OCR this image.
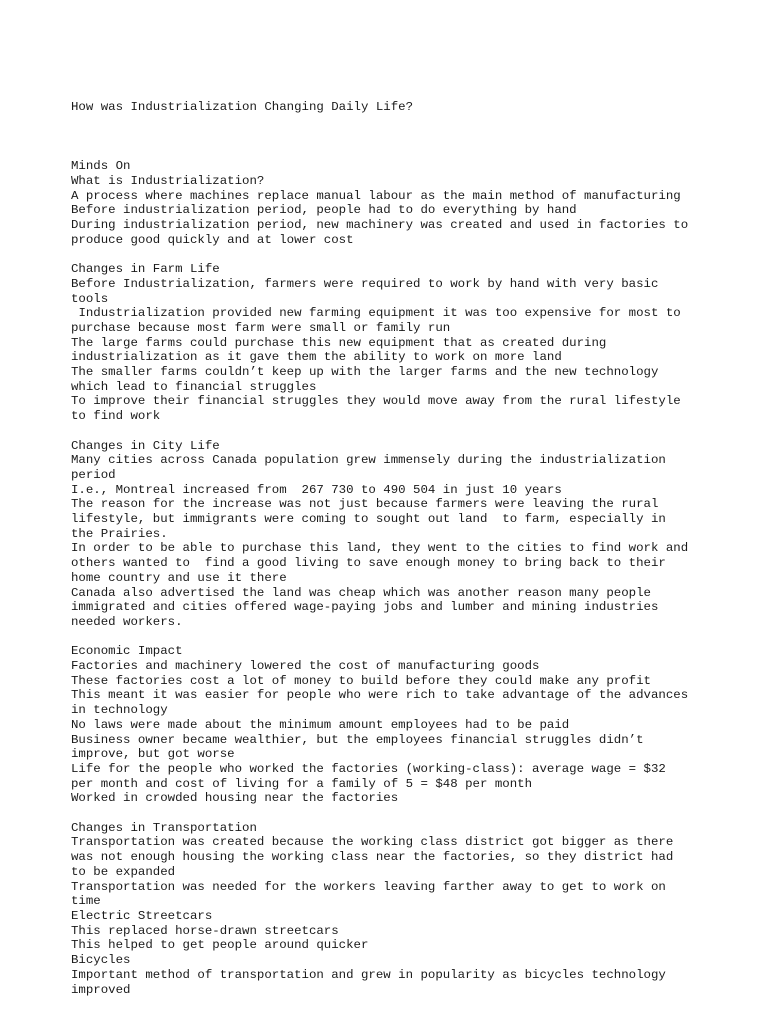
How was Industrialization Changing Daily Life?

Minds On
What is Industrialization?
A process where machines replace manual labour as the main method of manufacturing
Before industrialization period, people had to do everything by hand
During industrialization period, new machinery was created and used in factories to
produce good quickly and at lower cost
Changes in Farm Life
Before Industrialization, farmers were required to work by hand with very basic
tools
Industrialization provided new farming equipment it was too expensive for most to
purchase because most farm were small or family run
The large farms could purchase this new equipment that as created during
industrialization as it gave them the ability to work on more land
The smaller farms couldn’t keep up with the larger farms and the new technology
which lead to financial struggles
To improve their financial struggles they would move away from the rural lifestyle
to find work
Changes in City Life
Many cities across Canada population grew immensely during the industrialization
period
I.e., Montreal increased from  267 730 to 490 504 in just 10 years
The reason for the increase was not just because farmers were leaving the rural
lifestyle, but immigrants were coming to sought out land  to farm, especially in
the Prairies.
In order to be able to purchase this land, they went to the cities to find work and
others wanted to  find a good living to save enough money to bring back to their
home country and use it there
Canada also advertised the land was cheap which was another reason many people
immigrated and cities offered wage-paying jobs and lumber and mining industries
needed workers.
Economic Impact
Factories and machinery lowered the cost of manufacturing goods
These factories cost a lot of money to build before they could make any profit
This meant it was easier for people who were rich to take advantage of the advances
in technology
No laws were made about the minimum amount employees had to be paid
Business owner became wealthier, but the employees financial struggles didn’t
improve, but got worse
Life for the people who worked the factories (working-class): average wage = $32
per month and cost of living for a family of 5 = $48 per month
Worked in crowded housing near the factories
Changes in Transportation
Transportation was created because the working class district got bigger as there
was not enough housing the working class near the factories, so they district had
to be expanded
Transportation was needed for the workers leaving farther away to get to work on
time
Electric Streetcars
This replaced horse-drawn streetcars
This helped to get people around quicker
Bicycles
Important method of transportation and grew in popularity as bicycles technology
improved
